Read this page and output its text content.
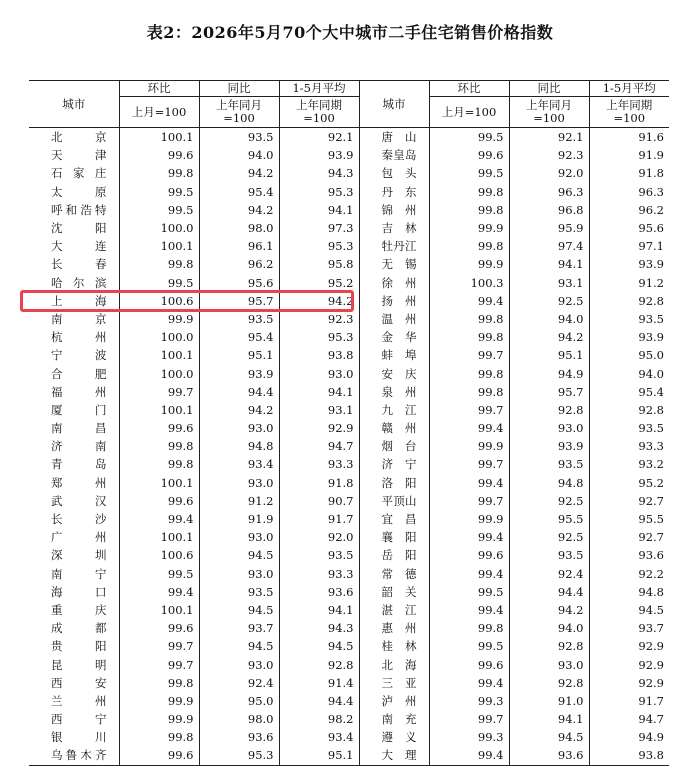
表2：2026年5月70个大中城市二手住宅销售价格指数
城市	环比	同比	1-5月平均	城市	环比	同比	1-5月平均
	上月=100	上年同月=100	上年同期=100		上月=100	上年同月=100	上年同期=100
北京	100.1	93.5	92.1	唐山	99.5	92.1	91.6
天津	99.6	94.0	93.9	秦皇岛	99.6	92.3	91.9
石家庄	99.8	94.2	94.3	包头	99.5	92.0	91.8
太原	99.5	95.4	95.3	丹东	99.8	96.3	96.3
呼和浩特	99.5	94.2	94.1	锦州	99.8	96.8	96.2
沈阳	100.0	98.0	97.3	吉林	99.9	95.9	95.6
大连	100.1	96.1	95.3	牡丹江	99.8	97.4	97.1
长春	99.8	96.2	95.8	无锡	99.9	94.1	93.9
哈尔滨	99.5	95.6	95.2	徐州	100.3	93.1	91.2
上海	100.6	95.7	94.2	扬州	99.4	92.5	92.8
南京	99.9	93.5	92.3	温州	99.8	94.0	93.5
杭州	100.0	95.4	95.3	金华	99.8	94.2	93.9
宁波	100.1	95.1	93.8	蚌埠	99.7	95.1	95.0
合肥	100.0	93.9	93.0	安庆	99.8	94.9	94.0
福州	99.7	94.4	94.1	泉州	99.8	95.7	95.4
厦门	100.1	94.2	93.1	九江	99.7	92.8	92.8
南昌	99.6	93.0	92.9	赣州	99.4	93.0	93.5
济南	99.8	94.8	94.7	烟台	99.9	93.9	93.3
青岛	99.8	93.4	93.3	济宁	99.7	93.5	93.2
郑州	100.1	93.0	91.8	洛阳	99.4	94.8	95.2
武汉	99.6	91.2	90.7	平顶山	99.7	92.5	92.7
长沙	99.4	91.9	91.7	宜昌	99.9	95.5	95.5
广州	100.1	93.0	92.0	襄阳	99.4	92.5	92.7
深圳	100.6	94.5	93.5	岳阳	99.6	93.5	93.6
南宁	99.5	93.0	93.3	常德	99.4	92.4	92.2
海口	99.4	93.5	93.6	韶关	99.5	94.4	94.8
重庆	100.1	94.5	94.1	湛江	99.4	94.2	94.5
成都	99.6	93.7	94.3	惠州	99.8	94.0	93.7
贵阳	99.7	94.5	94.5	桂林	99.5	92.8	92.9
昆明	99.7	93.0	92.8	北海	99.6	93.0	92.9
西安	99.8	92.4	91.4	三亚	99.4	92.8	92.9
兰州	99.9	95.0	94.4	泸州	99.3	91.0	91.7
西宁	99.9	98.0	98.2	南充	99.7	94.1	94.7
银川	99.8	93.6	93.4	遵义	99.3	94.5	94.9
乌鲁木齐	99.6	95.3	95.1	大理	99.4	93.6	93.8
